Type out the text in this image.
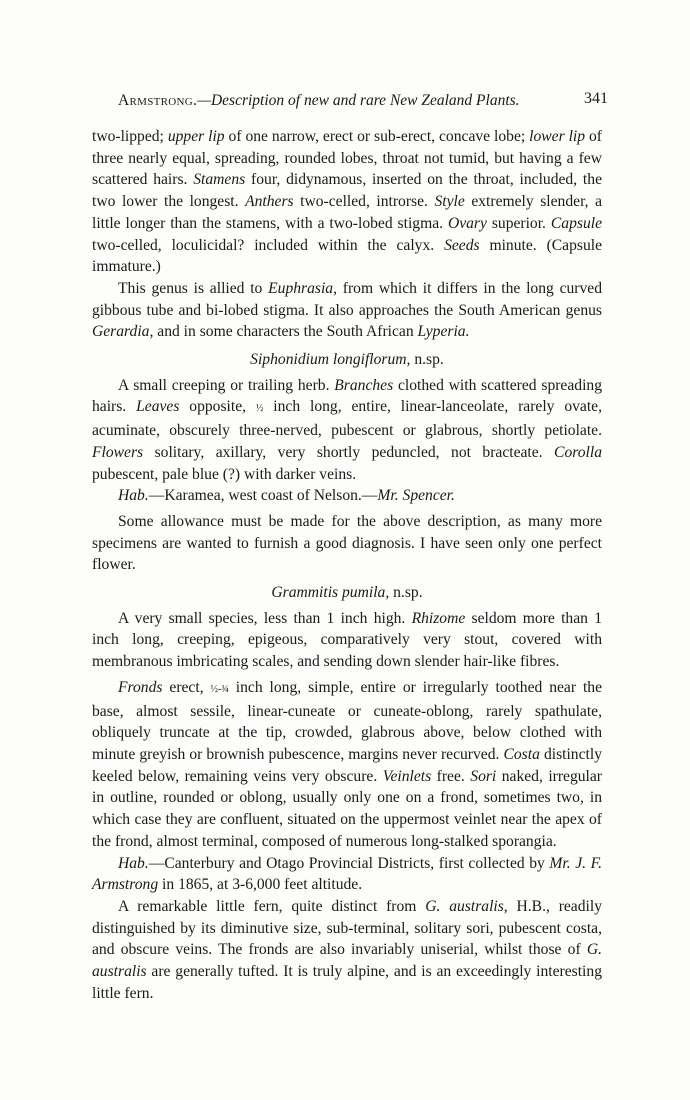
Armstrong.—Description of new and rare New Zealand Plants.	341

two-lipped; upper lip of one narrow, erect or sub-erect, concave lobe; lower lip of three nearly equal, spreading, rounded lobes, throat not tumid, but having a few scattered hairs. Stamens four, didynamous, inserted on the throat, included, the two lower the longest. Anthers two-celled, introrse. Style extremely slender, a little longer than the stamens, with a two-lobed stigma. Ovary superior. Capsule two-celled, loculicidal? included within the calyx. Seeds minute. (Capsule immature.)

This genus is allied to Euphrasia, from which it differs in the long curved gibbous tube and bi-lobed stigma. It also approaches the South American genus Gerardia, and in some characters the South African Lyperia.

Siphonidium longiflorum, n.sp.

A small creeping or trailing herb. Branches clothed with scattered spreading hairs. Leaves opposite, ½ inch long, entire, linear-lanceolate, rarely ovate, acuminate, obscurely three-nerved, pubescent or glabrous, shortly petiolate. Flowers solitary, axillary, very shortly peduncled, not bracteate. Corolla pubescent, pale blue (?) with darker veins.

Hab.—Karamea, west coast of Nelson.—Mr. Spencer.

Some allowance must be made for the above description, as many more specimens are wanted to furnish a good diagnosis. I have seen only one perfect flower.

Grammitis pumila, n.sp.

A very small species, less than 1 inch high. Rhizome seldom more than 1 inch long, creeping, epigeous, comparatively very stout, covered with membranous imbricating scales, and sending down slender hair-like fibres.

Fronds erect, ½-¾ inch long, simple, entire or irregularly toothed near the base, almost sessile, linear-cuneate or cuneate-oblong, rarely spathulate, obliquely truncate at the tip, crowded, glabrous above, below clothed with minute greyish or brownish pubescence, margins never recurved. Costa distinctly keeled below, remaining veins very obscure. Veinlets free. Sori naked, irregular in outline, rounded or oblong, usually only one on a frond, sometimes two, in which case they are confluent, situated on the uppermost veinlet near the apex of the frond, almost terminal, composed of numerous long-stalked sporangia.

Hab.—Canterbury and Otago Provincial Districts, first collected by Mr. J. F. Armstrong in 1865, at 3-6,000 feet altitude.

A remarkable little fern, quite distinct from G. australis, H.B., readily distinguished by its diminutive size, sub-terminal, solitary sori, pubescent costa, and obscure veins. The fronds are also invariably uniserial, whilst those of G. australis are generally tufted. It is truly alpine, and is an exceedingly interesting little fern.
